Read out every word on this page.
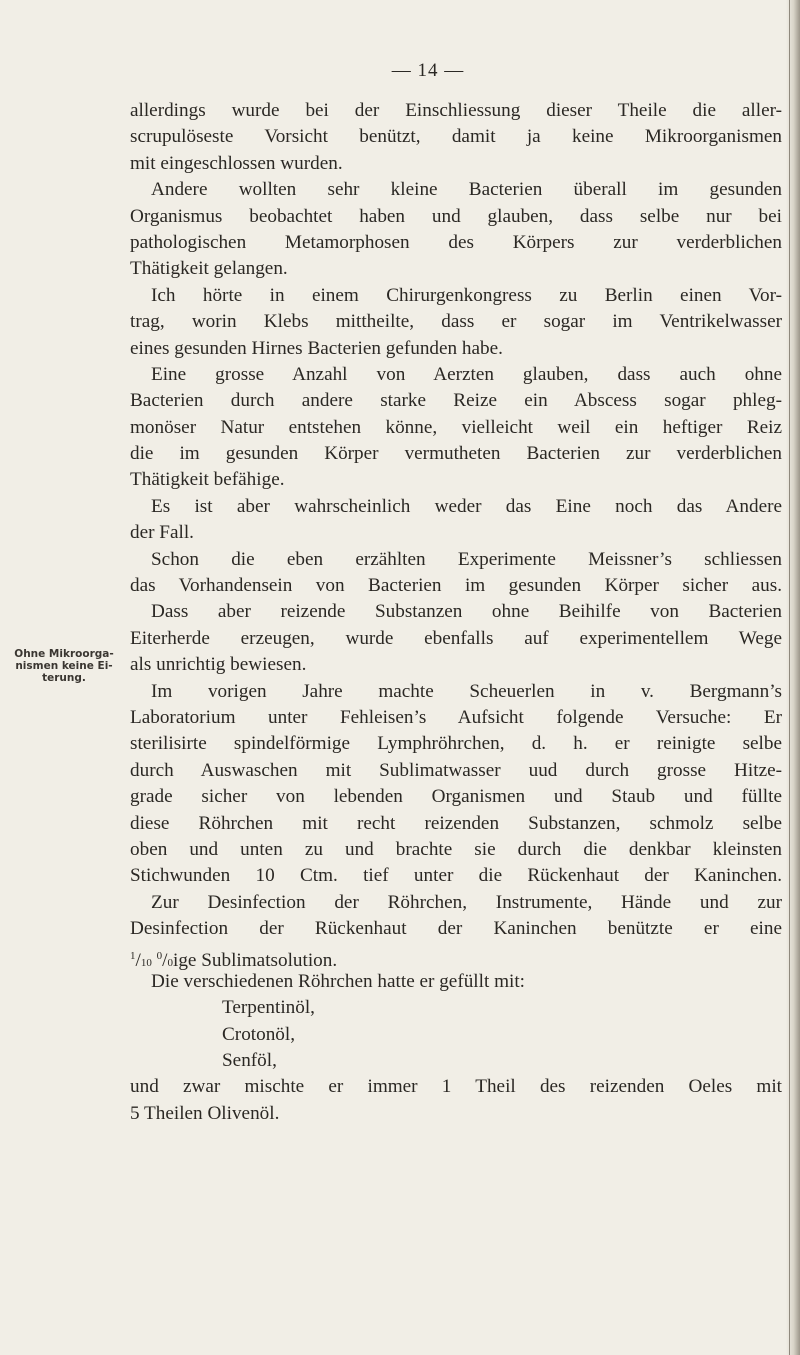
— 14 —
Ohne Mikroorga-
nismen keine Ei-
terung.
allerdings wurde bei der Einschliessung dieser Theile die aller-
scrupulöseste Vorsicht benützt, damit ja keine Mikroorganismen
mit eingeschlossen wurden.
Andere wollten sehr kleine Bacterien überall im gesunden
Organismus beobachtet haben und glauben, dass selbe nur bei
pathologischen Metamorphosen des Körpers zur verderblichen
Thätigkeit gelangen.
Ich hörte in einem Chirurgenkongress zu Berlin einen Vor-
trag, worin Klebs mittheilte, dass er sogar im Ventrikelwasser
eines gesunden Hirnes Bacterien gefunden habe.
Eine grosse Anzahl von Aerzten glauben, dass auch ohne
Bacterien durch andere starke Reize ein Abscess sogar phleg-
monöser Natur entstehen könne, vielleicht weil ein heftiger Reiz
die im gesunden Körper vermutheten Bacterien zur verderblichen
Thätigkeit befähige.
Es ist aber wahrscheinlich weder das Eine noch das Andere
der Fall.
Schon die eben erzählten Experimente Meissner’s schliessen
das Vorhandensein von Bacterien im gesunden Körper sicher aus.
Dass aber reizende Substanzen ohne Beihilfe von Bacterien
Eiterherde erzeugen, wurde ebenfalls auf experimentellem Wege
als unrichtig bewiesen.
Im vorigen Jahre machte Scheuerlen in v. Bergmann’s
Laboratorium unter Fehleisen’s Aufsicht folgende Versuche: Er
sterilisirte spindelförmige Lymphröhrchen, d. h. er reinigte selbe
durch Auswaschen mit Sublimatwasser uud durch grosse Hitze-
grade sicher von lebenden Organismen und Staub und füllte
diese Röhrchen mit recht reizenden Substanzen, schmolz selbe
oben und unten zu und brachte sie durch die denkbar kleinsten
Stichwunden 10 Ctm. tief unter die Rückenhaut der Kaninchen.
Zur Desinfection der Röhrchen, Instrumente, Hände und zur
Desinfection der Rückenhaut der Kaninchen benützte er eine
$^1$/10 $^0$/0ige Sublimatsolution.
Die verschiedenen Röhrchen hatte er gefüllt mit:
Terpentinöl,
Crotonöl,
Senföl,
und zwar mischte er immer 1 Theil des reizenden Oeles mit
5 Theilen Olivenöl.
